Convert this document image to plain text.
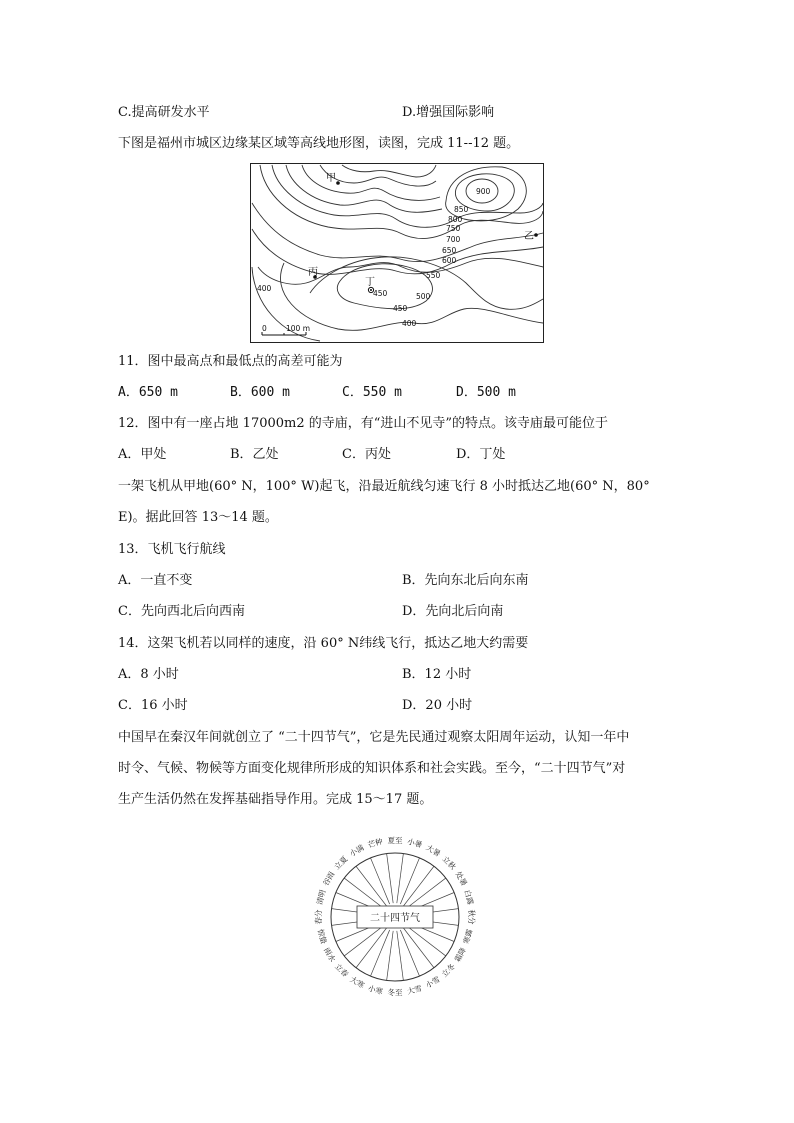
C.提高研发水平	D.增强国际影响
下图是福州市城区边缘某区域等高线地形图，读图，完成 11--12 题。
甲
乙
丙
丁
900
850
800
750
700
650
600
550
500
450
450
400
400
0	100 m
11．图中最高点和最低点的高差可能为
A．650 m	B．600 m	C．550 m	D．500 m
12．图中有一座占地 17000m2 的寺庙，有“进山不见寺”的特点。该寺庙最可能位于
A．甲处	B．乙处	C．丙处	D．丁处
一架飞机从甲地(60° N，100° W)起飞，沿最近航线匀速飞行 8 小时抵达乙地(60° N，80°
E)。据此回答 13～14 题。
13．飞机飞行航线
A．一直不变	B．先向东北后向东南
C．先向西北后向西南	D．先向北后向南
14．这架飞机若以同样的速度，沿 60° N纬线飞行，抵达乙地大约需要
A．8 小时	B．12 小时
C．16 小时	D．20 小时
中国早在秦汉年间就创立了 “二十四节气”，它是先民通过观察太阳周年运动，认知一年中
时令、气候、物候等方面变化规律所形成的知识体系和社会实践。至今，“二十四节气”对
生产生活仍然在发挥基础指导作用。完成 15～17 题。
二十四节气
夏至 小暑 大暑
立秋
处暑
白露
秋分
寒露
霜降
立冬
小雪
大雪
冬至
小寒
大寒
立春
雨水
惊蛰
春分
清明
谷雨
立夏
小满 芒种
